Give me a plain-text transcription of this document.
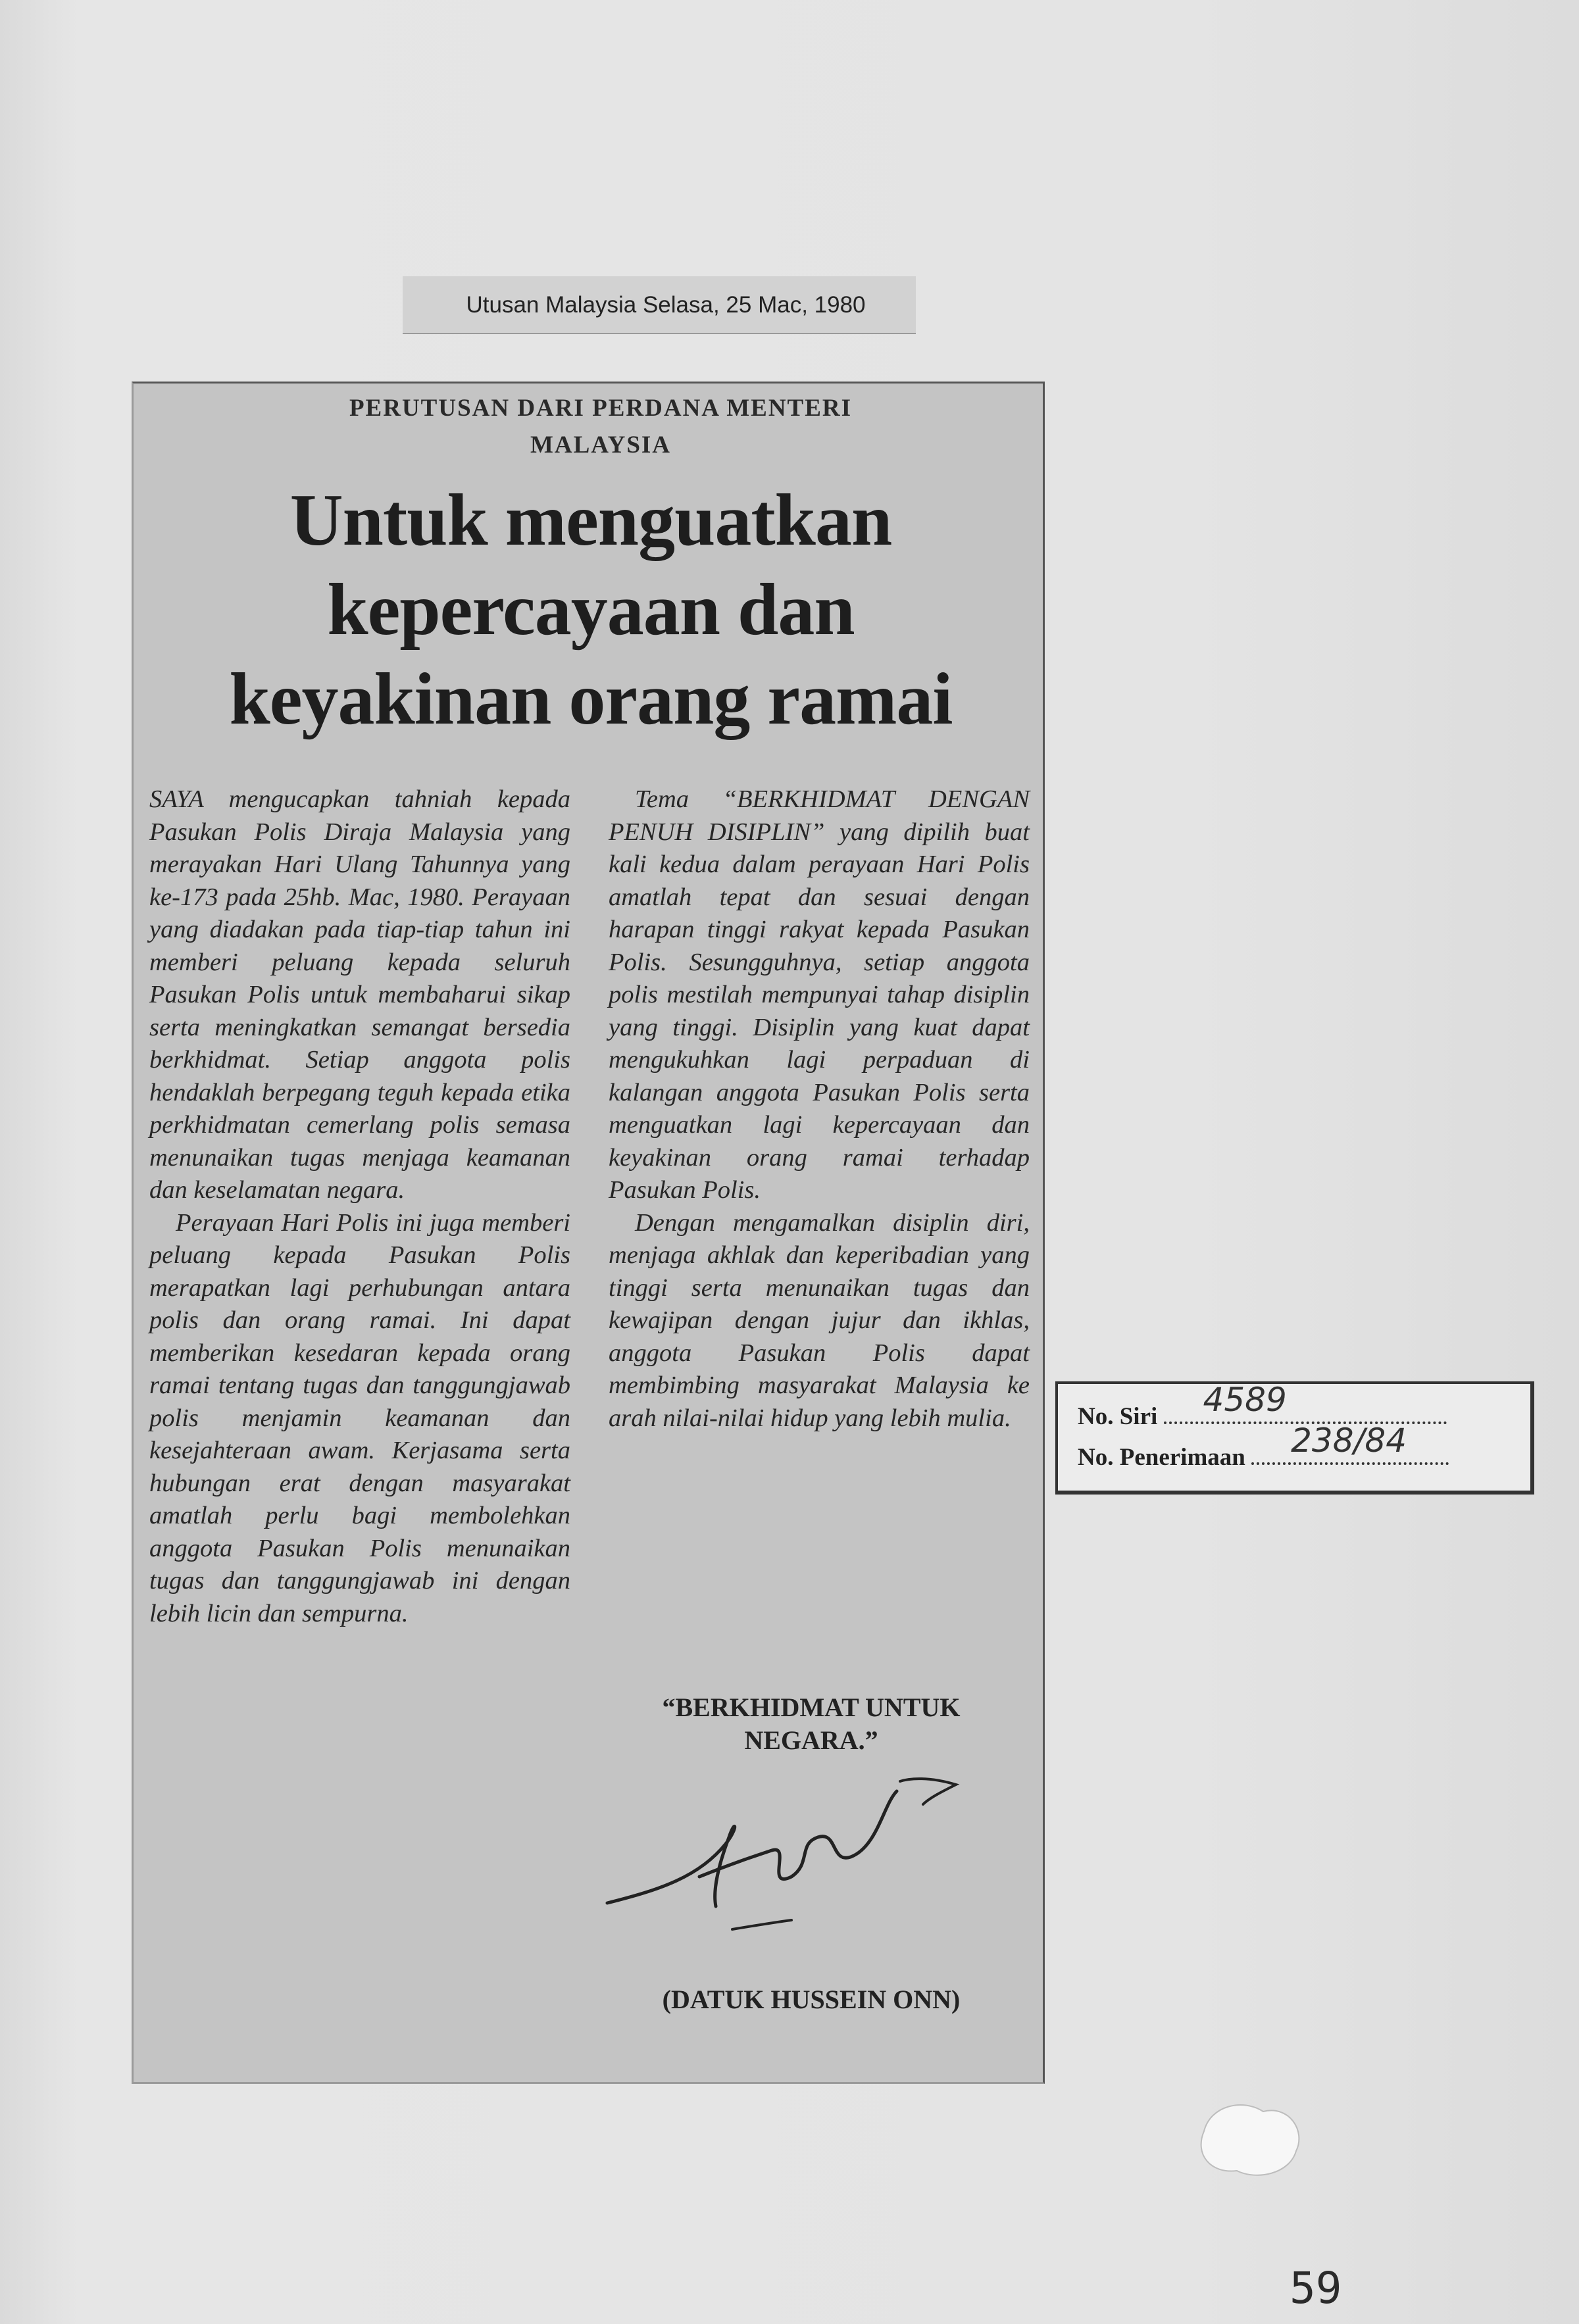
Utusan Malaysia Selasa, 25 Mac, 1980
PERUTUSAN DARI PERDANA MENTERI
MALAYSIA
Untuk menguatkan
kepercayaan dan
keyakinan orang ramai

SAYA mengucapkan tahniah kepada Pasukan Polis Diraja Malaysia yang merayakan Hari Ulang Tahunnya yang ke-173 pada 25hb. Mac, 1980. Perayaan yang diadakan pada tiap-tiap tahun ini memberi peluang kepada seluruh Pasukan Polis untuk membaharui sikap serta meningkatkan semangat bersedia berkhidmat. Setiap anggota polis hendaklah berpegang teguh kepada etika perkhidmatan cemerlang polis semasa menunaikan tugas menjaga keamanan dan keselamatan negara.

Perayaan Hari Polis ini juga memberi peluang kepada Pasukan Polis merapatkan lagi perhubungan antara polis dan orang ramai. Ini dapat memberikan kesedaran kepada orang ramai tentang tugas dan tanggungjawab polis menjamin keamanan dan kesejahteraan awam. Kerjasama serta hubungan erat dengan masyarakat amatlah perlu bagi membolehkan anggota Pasukan Polis menunaikan tugas dan tanggungjawab ini dengan lebih licin dan sempurna.

Tema “BERKHIDMAT DENGAN PENUH DISIPLIN” yang dipilih buat kali kedua dalam perayaan Hari Polis amatlah tepat dan sesuai dengan harapan tinggi rakyat kepada Pasukan Polis. Sesungguhnya, setiap anggota polis mestilah mempunyai tahap disiplin yang tinggi. Disiplin yang kuat dapat mengukuhkan lagi perpaduan di kalangan anggota Pasukan Polis serta menguatkan lagi kepercayaan dan keyakinan orang ramai terhadap Pasukan Polis.

Dengan mengamalkan disiplin diri, menjaga akhlak dan keperibadian yang tinggi serta menunaikan tugas dan kewajipan dengan jujur dan ikhlas, anggota Pasukan Polis dapat membimbing masyarakat Malaysia ke arah nilai-nilai hidup yang lebih mulia.

“BERKHIDMAT UNTUK
NEGARA.”
(DATUK HUSSEIN ONN)
No. Siri 4589
No. Penerimaan 238/84
59
